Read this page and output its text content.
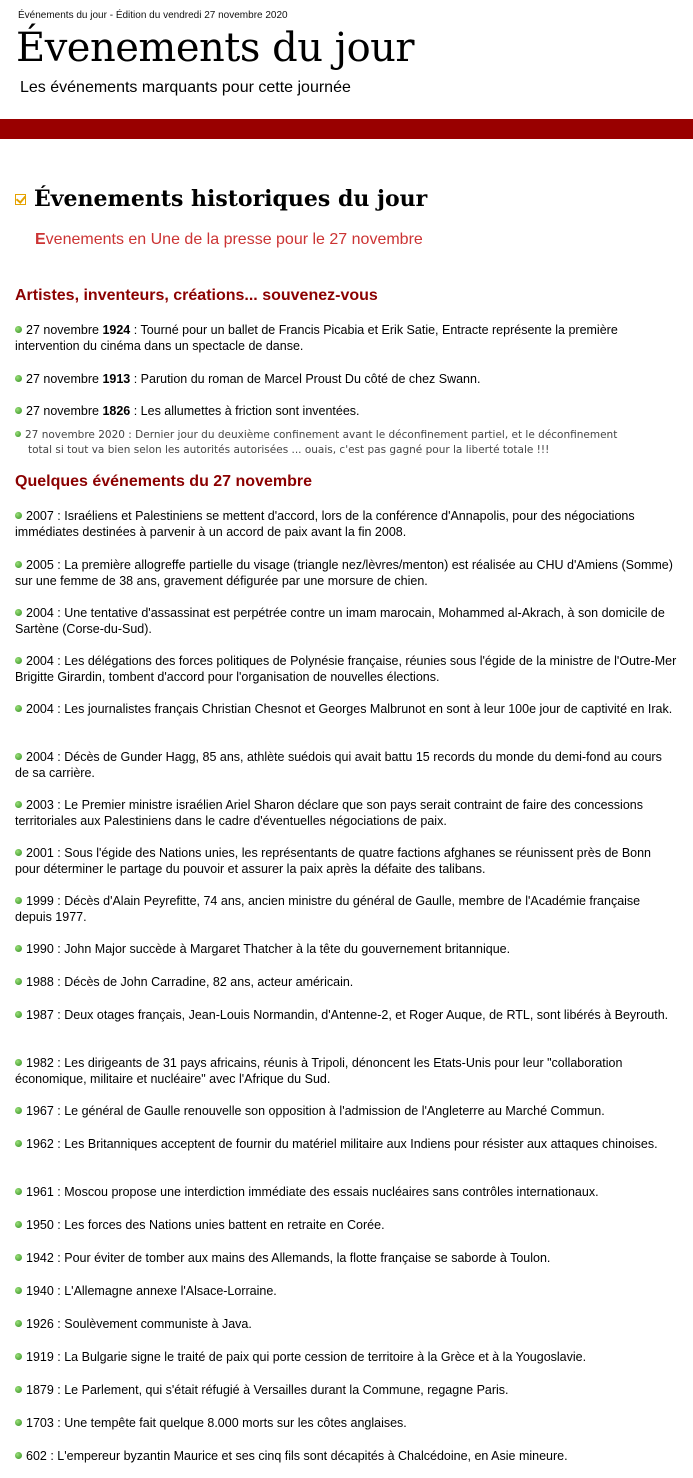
Événements du jour - Édition du vendredi 27 novembre 2020
Évenements du jour
Les événements marquants pour cette journée
Évenements historiques du jour
Evenements en Une de la presse pour le 27 novembre
Artistes, inventeurs, créations... souvenez-vous

27 novembre 1924 : Tourné pour un ballet de Francis Picabia et Erik Satie, Entracte représente la première intervention du cinéma dans un spectacle de danse.

27 novembre 1913 : Parution du roman de Marcel Proust Du côté de chez Swann.

27 novembre 1826 : Les allumettes à friction sont inventées.

27 novembre 2020 : Dernier jour du deuxième confinement avant le déconfinement partiel, et le déconfinement
total si tout va bien selon les autorités autorisées ... ouais, c'est pas gagné pour la liberté totale !!!
Quelques événements du 27 novembre

2007 : Israéliens et Palestiniens se mettent d'accord, lors de la conférence d'Annapolis, pour des négociations immédiates destinées à parvenir à un accord de paix avant la fin 2008.

2005 : La première allogreffe partielle du visage (triangle nez/lèvres/menton) est réalisée au CHU d'Amiens (Somme) sur une femme de 38 ans, gravement défigurée par une morsure de chien.

2004 : Une tentative d'assassinat est perpétrée contre un imam marocain, Mohammed al-Akrach, à son domicile de Sartène (Corse-du-Sud).

2004 : Les délégations des forces politiques de Polynésie française, réunies sous l'égide de la ministre de l'Outre-Mer Brigitte Girardin, tombent d'accord pour l'organisation de nouvelles élections.

2004 : Les journalistes français Christian Chesnot et Georges Malbrunot en sont à leur 100e jour de captivité en Irak.

2004 : Décès de Gunder Hagg, 85 ans, athlète suédois qui avait battu 15 records du monde du demi-fond au cours de sa carrière.

2003 : Le Premier ministre israélien Ariel Sharon déclare que son pays serait contraint de faire des concessions territoriales aux Palestiniens dans le cadre d'éventuelles négociations de paix.

2001 : Sous l'égide des Nations unies, les représentants de quatre factions afghanes se réunissent près de Bonn pour déterminer le partage du pouvoir et assurer la paix après la défaite des talibans.

1999 : Décès d'Alain Peyrefitte, 74 ans, ancien ministre du général de Gaulle, membre de l'Académie française depuis 1977.

1990 : John Major succède à Margaret Thatcher à la tête du gouvernement britannique.

1988 : Décès de John Carradine, 82 ans, acteur américain.

1987 : Deux otages français, Jean-Louis Normandin, d'Antenne-2, et Roger Auque, de RTL, sont libérés à Beyrouth.

1982 : Les dirigeants de 31 pays africains, réunis à Tripoli, dénoncent les Etats-Unis pour leur "collaboration économique, militaire et nucléaire" avec l'Afrique du Sud.

1967 : Le général de Gaulle renouvelle son opposition à l'admission de l'Angleterre au Marché Commun.

1962 : Les Britanniques acceptent de fournir du matériel militaire aux Indiens pour résister aux attaques chinoises.

1961 : Moscou propose une interdiction immédiate des essais nucléaires sans contrôles internationaux.

1950 : Les forces des Nations unies battent en retraite en Corée.

1942 : Pour éviter de tomber aux mains des Allemands, la flotte française se saborde à Toulon.

1940 : L'Allemagne annexe l'Alsace-Lorraine.

1926 : Soulèvement communiste à Java.

1919 : La Bulgarie signe le traité de paix qui porte cession de territoire à la Grèce et à la Yougoslavie.

1879 : Le Parlement, qui s'était réfugié à Versailles durant la Commune, regagne Paris.

1703 : Une tempête fait quelque 8.000 morts sur les côtes anglaises.

602 : L'empereur byzantin Maurice et ses cinq fils sont décapités à Chalcédoine, en Asie mineure.
